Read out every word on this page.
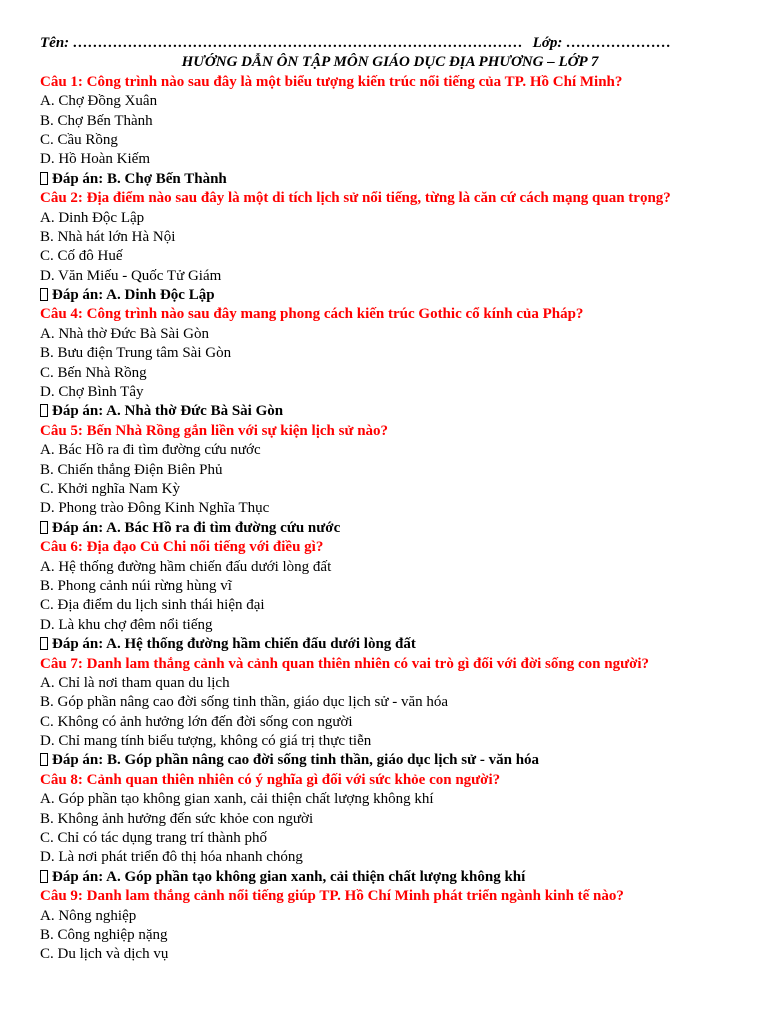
Tên: ……………………………………………………………………………… Lớp: …………………
HƯỚNG DẪN ÔN TẬP MÔN GIÁO DỤC ĐỊA PHƯƠNG – LỚP 7
Câu 1: Công trình nào sau đây là một biểu tượng kiến trúc nổi tiếng của TP. Hồ Chí Minh?
A. Chợ Đồng Xuân
B. Chợ Bến Thành
C. Cầu Rồng
D. Hồ Hoàn Kiếm
Đáp án: B. Chợ Bến Thành
Câu 2: Địa điểm nào sau đây là một di tích lịch sử nổi tiếng, từng là căn cứ cách mạng quan trọng?
A. Dinh Độc Lập
B. Nhà hát lớn Hà Nội
C. Cố đô Huế
D. Văn Miếu - Quốc Tử Giám
Đáp án: A. Dinh Độc Lập
Câu 4: Công trình nào sau đây mang phong cách kiến trúc Gothic cổ kính của Pháp?
A. Nhà thờ Đức Bà Sài Gòn
B. Bưu điện Trung tâm Sài Gòn
C. Bến Nhà Rồng
D. Chợ Bình Tây
Đáp án: A. Nhà thờ Đức Bà Sài Gòn
Câu 5: Bến Nhà Rồng gắn liền với sự kiện lịch sử nào?
A. Bác Hồ ra đi tìm đường cứu nước
B. Chiến thắng Điện Biên Phủ
C. Khởi nghĩa Nam Kỳ
D. Phong trào Đông Kinh Nghĩa Thục
Đáp án: A. Bác Hồ ra đi tìm đường cứu nước
Câu 6: Địa đạo Củ Chi nổi tiếng với điều gì?
A. Hệ thống đường hầm chiến đấu dưới lòng đất
B. Phong cảnh núi rừng hùng vĩ
C. Địa điểm du lịch sinh thái hiện đại
D. Là khu chợ đêm nổi tiếng
Đáp án: A. Hệ thống đường hầm chiến đấu dưới lòng đất
Câu 7: Danh lam thắng cảnh và cảnh quan thiên nhiên có vai trò gì đối với đời sống con người?
A. Chỉ là nơi tham quan du lịch
B. Góp phần nâng cao đời sống tinh thần, giáo dục lịch sử - văn hóa
C. Không có ảnh hưởng lớn đến đời sống con người
D. Chỉ mang tính biểu tượng, không có giá trị thực tiễn
Đáp án: B. Góp phần nâng cao đời sống tinh thần, giáo dục lịch sử - văn hóa
Câu 8: Cảnh quan thiên nhiên có ý nghĩa gì đối với sức khỏe con người?
A. Góp phần tạo không gian xanh, cải thiện chất lượng không khí
B. Không ảnh hưởng đến sức khỏe con người
C. Chỉ có tác dụng trang trí thành phố
D. Là nơi phát triển đô thị hóa nhanh chóng
Đáp án: A. Góp phần tạo không gian xanh, cải thiện chất lượng không khí
Câu 9: Danh lam thắng cảnh nổi tiếng giúp TP. Hồ Chí Minh phát triển ngành kinh tế nào?
A. Nông nghiệp
B. Công nghiệp nặng
C. Du lịch và dịch vụ
